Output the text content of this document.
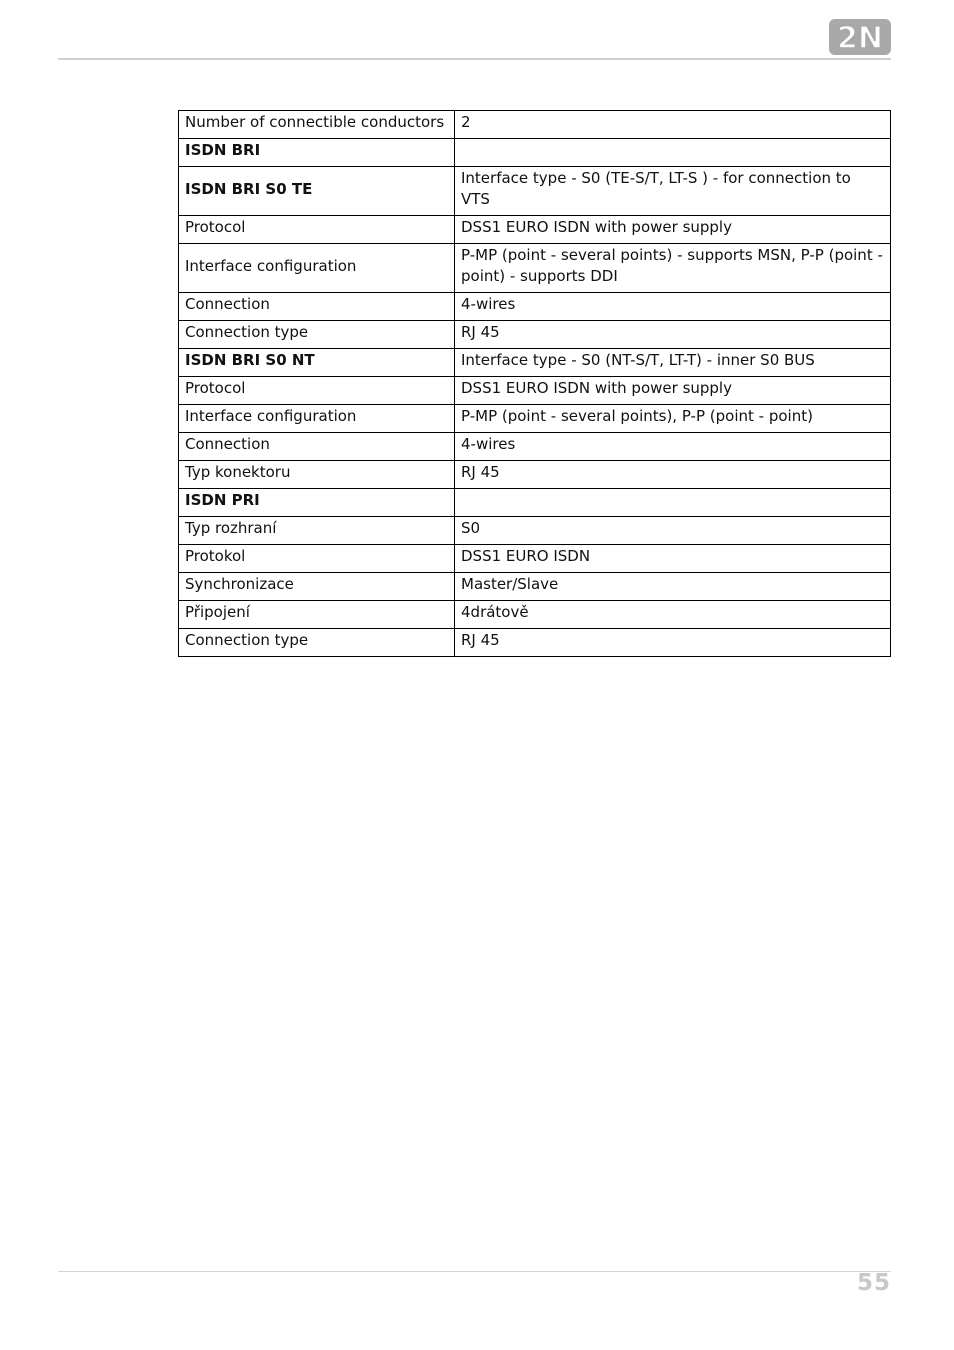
2N
Number of connectible conductors	2
ISDN BRI	
ISDN BRI S0 TE	Interface type - S0 (TE-S/T, LT-S ) - for connection to VTS
Protocol	DSS1 EURO ISDN with power supply
Interface configuration	P-MP (point - several points) - supports MSN, P-P (point - point) - supports DDI
Connection	4-wires
Connection type	RJ 45
ISDN BRI S0 NT	Interface type - S0 (NT-S/T, LT-T) - inner S0 BUS
Protocol	DSS1 EURO ISDN with power supply
Interface configuration	P-MP (point - several points), P-P (point - point)
Connection	4-wires
Typ konektoru	RJ 45
ISDN PRI	
Typ rozhraní	S0
Protokol	DSS1 EURO ISDN
Synchronizace	Master/Slave
Připojení	4drátově
Connection type	RJ 45
55
